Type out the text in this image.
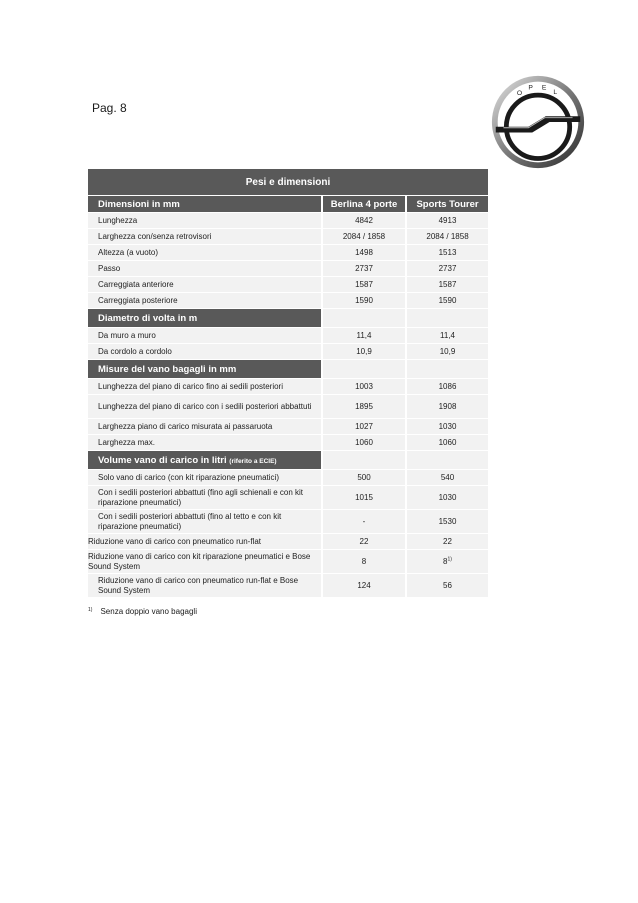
Pag. 8
O
P E
L
Pesi e dimensioni		
Dimensioni in mm	Berlina 4 porte	Sports Tourer
Lunghezza	4842	4913
Larghezza con/senza retrovisori	2084 / 1858	2084 / 1858
Altezza (a vuoto)	1498	1513
Passo	2737	2737
Carreggiata anteriore	1587	1587
Carreggiata posteriore	1590	1590
Diametro di volta in m		
Da muro a muro	11,4	11,4
Da cordolo a cordolo	10,9	10,9
Misure del vano bagagli in mm		
Lunghezza del piano di carico fino ai sedili posteriori	1003	1086
Lunghezza del piano di carico con i sedili posteriori abbattuti	1895	1908
Larghezza piano di carico misurata ai passaruota	1027	1030
Larghezza max.	1060	1060
Volume vano di carico in litri (riferito a ECIE)		
Solo vano di carico (con kit riparazione pneumatici)	500	540
Con i sedili posteriori abbattuti (fino agli schienali e con kit riparazione pneumatici)	1015	1030
Con i sedili posteriori abbattuti (fino al tetto e con kit riparazione pneumatici)	-	1530
Riduzione vano di carico con pneumatico run-flat	22	22
Riduzione vano di carico con kit riparazione pneumatici e Bose Sound System	8	8$^{1)}$
Riduzione vano di carico con pneumatico run-flat e Bose Sound System	124	56
$^{1)}$ Senza doppio vano bagagli
